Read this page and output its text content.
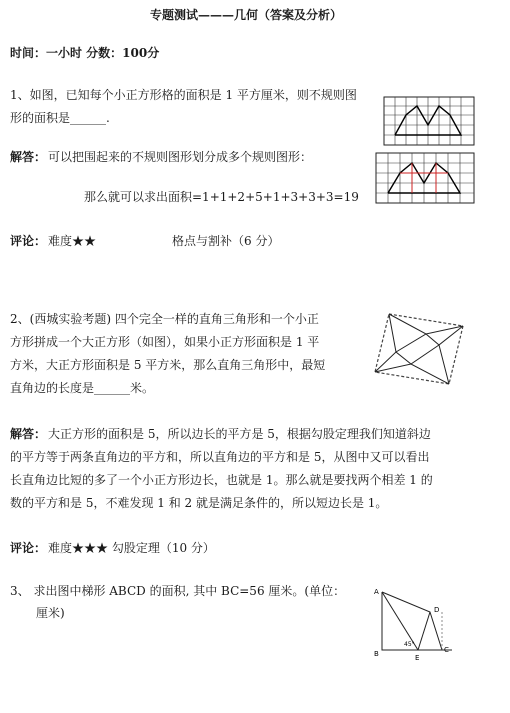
专题测试———几何（答案及分析）
时间：一小时 分数：100分
1、如图，已知每个小正方形格的面积是 1 平方厘米，则不规则图
形的面积是______.
解答： 可以把围起来的不规则图形划分成多个规则图形：
那么就可以求出面积=1+1+2+5+1+3+3+3=19
评论： 难度★★	格点与割补（6 分）
2、(西城实验考题) 四个完全一样的直角三角形和一个小正
方形拼成一个大正方形（如图），如果小正方形面积是 1 平
方米，大正方形面积是 5 平方米，那么直角三角形中，最短
直角边的长度是______米。
解答： 大正方形的面积是 5，所以边长的平方是 5，根据勾股定理我们知道斜边
的平方等于两条直角边的平方和，所以直角边的平方和是 5，从图中又可以看出
长直角边比短的多了一个小正方形边长，也就是 1。那么就是要找两个相差 1 的
数的平方和是 5，不难发现 1 和 2 就是满足条件的，所以短边长是 1。
评论： 难度★★★ 勾股定理（10 分）
3、 求出图中梯形 ABCD 的面积, 其中 BC=56 厘米。(单位：
厘米)
A
D
C
B	E
45°
